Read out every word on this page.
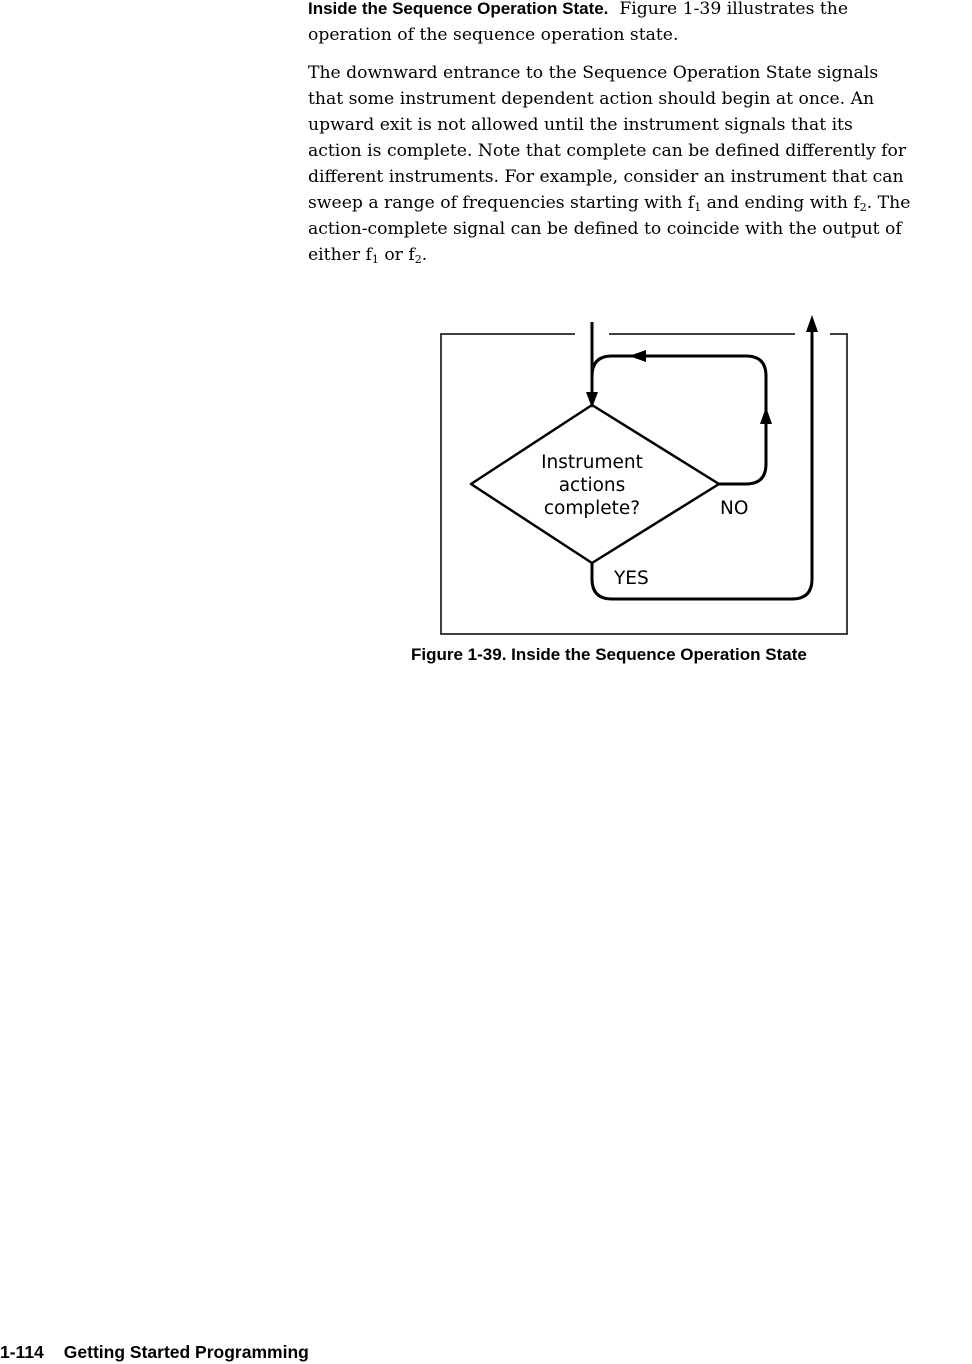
Inside the Sequence Operation State. Figure 1-39 illustrates the
operation of the sequence operation state.
The downward entrance to the Sequence Operation State signals
that some instrument dependent action should begin at once. An
upward exit is not allowed until the instrument signals that its
action is complete. Note that complete can be defined differently for
different instruments. For example, consider an instrument that can
sweep a range of frequencies starting with $f_1$ and ending with $f_2$. The
action-complete signal can be defined to coincide with the output of
either $f_1$ or $f_2$.
Instrument
actions
complete?	NO
YES
Figure 1-39. Inside the Sequence Operation State
1-114 Getting Started Programming
